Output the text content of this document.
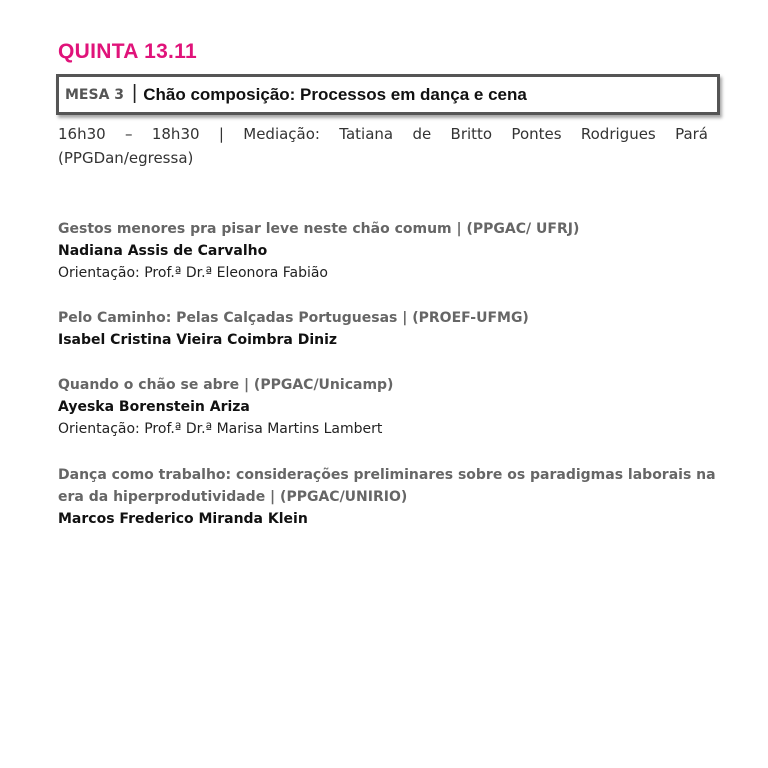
QUINTA 13.11
MESA 3 | Chão composição: Processos em dança e cena
16h30 – 18h30 | Mediação: Tatiana de Britto Pontes Rodrigues Pará
(PPGDan/egressa)
Gestos menores pra pisar leve neste chão comum | (PPGAC/ UFRJ)
Nadiana Assis de Carvalho
Orientação: Prof.ª Dr.ª Eleonora Fabião
Pelo Caminho: Pelas Calçadas Portuguesas | (PROEF-UFMG)
Isabel Cristina Vieira Coimbra Diniz
Quando o chão se abre | (PPGAC/Unicamp)
Ayeska Borenstein Ariza
Orientação: Prof.ª Dr.ª Marisa Martins Lambert
Dança como trabalho: considerações preliminares sobre os paradigmas laborais na
era da hiperprodutividade | (PPGAC/UNIRIO)
Marcos Frederico Miranda Klein
